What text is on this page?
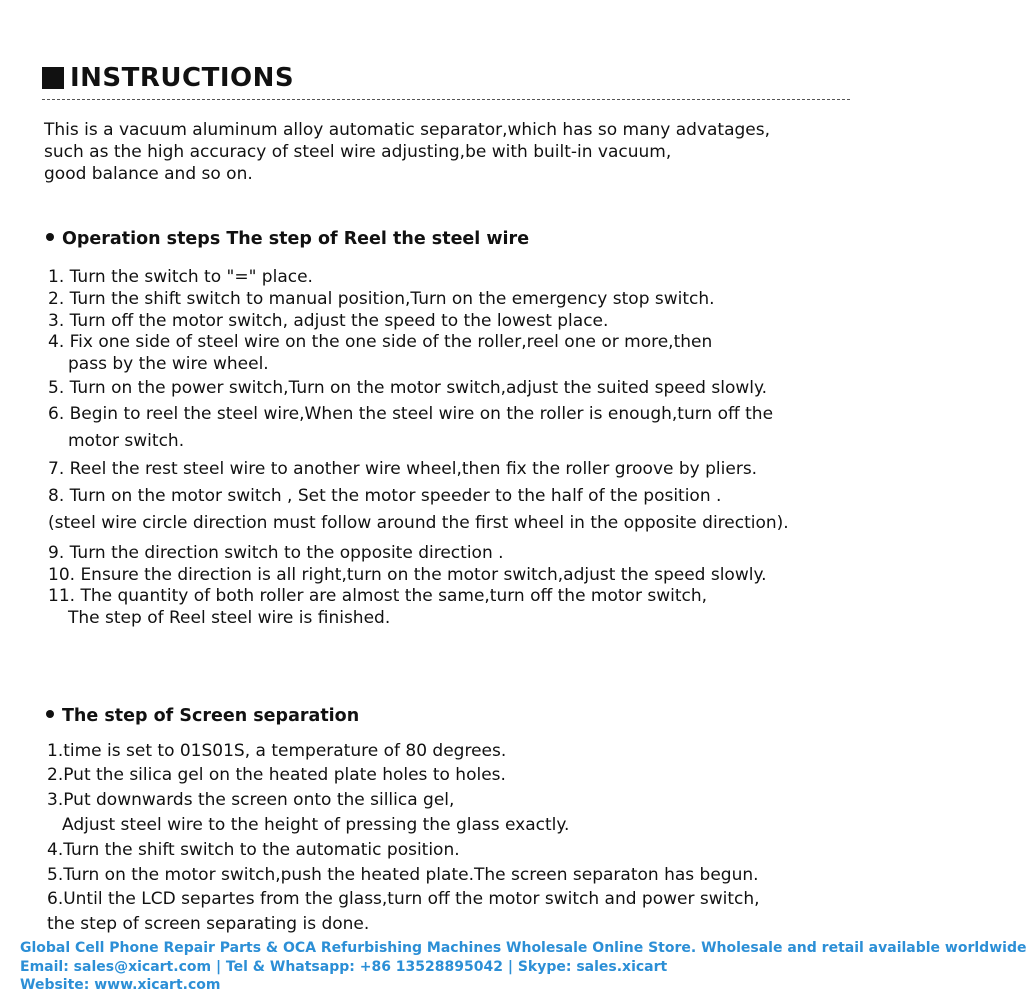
INSTRUCTIONS
This is a vacuum aluminum alloy automatic separator,which has so many advatages,
such as the high accuracy of steel wire adjusting,be with built-in vacuum,
good balance and so on.
Operation steps The step of Reel the steel wire
1. Turn the switch to "=" place.
2. Turn the shift switch to manual position,Turn on the emergency stop switch.
3. Turn off the motor switch, adjust the speed to the lowest place.
4. Fix one side of steel wire on the one side of the roller,reel one or more,then
pass by the wire wheel.
5. Turn on the power switch,Turn on the motor switch,adjust the suited speed slowly.
6. Begin to reel the steel wire,When the steel wire on the roller is enough,turn off the
motor switch.
7. Reel the rest steel wire to another wire wheel,then fix the roller groove by pliers.
8. Turn on the motor switch , Set the motor speeder to the half of the position .
(steel wire circle direction must follow around the first wheel in the opposite direction).
9. Turn the direction switch to the opposite direction .
10. Ensure the direction is all right,turn on the motor switch,adjust the speed slowly.
11. The quantity of both roller are almost the same,turn off the motor switch,
The step of Reel steel wire is finished.
The step of Screen separation
1.time is set to 01S01S, a temperature of 80 degrees.
2.Put the silica gel on the heated plate holes to holes.
3.Put downwards the screen onto the sillica gel,
Adjust steel wire to the height of pressing the glass exactly.
4.Turn the shift switch to the automatic position.
5.Turn on the motor switch,push the heated plate.The screen separaton has begun.
6.Until the LCD separtes from the glass,turn off the motor switch and power switch,
the step of screen separating is done.
Global Cell Phone Repair Parts & OCA Refurbishing Machines Wholesale Online Store. Wholesale and retail available worldwide
Email: sales@xicart.com | Tel & Whatsapp: +86 13528895042 | Skype: sales.xicart
Website: www.xicart.com
